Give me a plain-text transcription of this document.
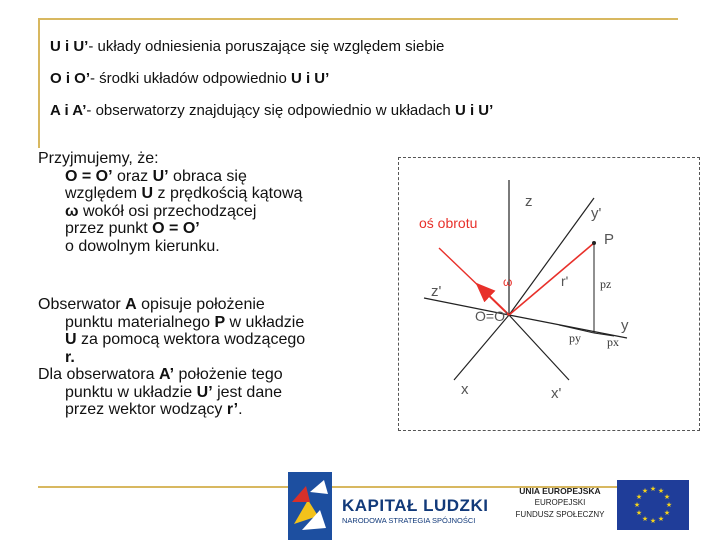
U i U’- układy odniesienia poruszające się względem siebie
O i O’- środki układów odpowiednio U i U’
A i A’- obserwatorzy znajdujący się odpowiednio w układach U i U’
Przyjmujemy, że:
O = O’ oraz U’ obraca się
względem U z prędkością kątową
ω wokół osi przechodzącej
przez punkt O = O’
o dowolnym kierunku.
Obserwator A opisuje położenie
punktu materialnego P w układzie
U za pomocą wektora wodzącego
r.
Dla obserwatora A’ położenie tego
punktu w układzie U’ jest dane
przez wektor wodzący r’.
oś obrotu
z
y'
P
ω	r'	pz
z'
O=O'
y
py px
x	x'
KAPITAŁ LUDZKI
NARODOWA STRATEGIA SPÓJNOŚCI
UNIA EUROPEJSKA
EUROPEJSKI
FUNDUSZ SPOŁECZNY
★ ★
★
★
★
★
★
★
★
★
★
★
